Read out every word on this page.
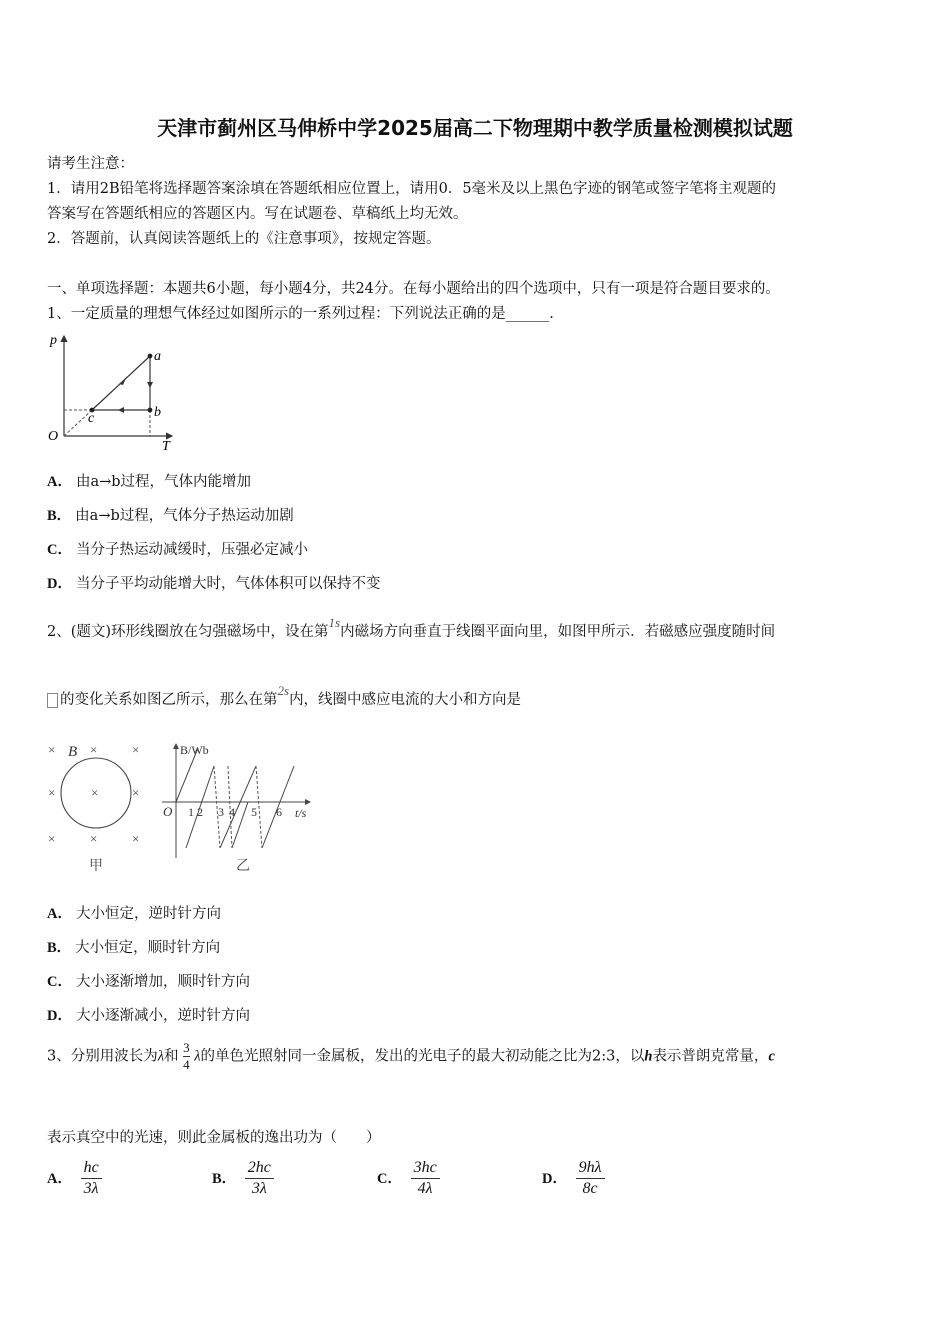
天津市蓟州区马伸桥中学2025届高二下物理期中教学质量检测模拟试题
请考生注意：
1．请用2B铅笔将选择题答案涂填在答题纸相应位置上，请用0．5毫米及以上黑色字迹的钢笔或签字笔将主观题的
答案写在答题纸相应的答题区内。写在试题卷、草稿纸上均无效。
2．答题前，认真阅读答题纸上的《注意事项》，按规定答题。
一、单项选择题：本题共6小题，每小题4分，共24分。在每小题给出的四个选项中，只有一项是符合题目要求的。
1、一定质量的理想气体经过如图所示的一系列过程：下列说法正确的是______.
p
T
O
a
b
c
A． 由a→b过程，气体内能增加
B． 由a→b过程，气体分子热运动加剧
C． 当分子热运动减缓时，压强必定减小
D． 当分子平均动能增大时，气体体积可以保持不变
2、(题文)环形线圈放在匀强磁场中，设在第1s内磁场方向垂直于线圈平面向里，如图甲所示．若磁感应强度随时间
的变化关系如图乙所示，那么在第2s内，线圈中感应电流的大小和方向是
× B ×	×
×	×	×
×	×	×
甲
B/Wb
t/s
O 1 2 3 4 5 6
乙
A． 大小恒定，逆时针方向
B． 大小恒定，顺时针方向
C． 大小逐渐增加，顺时针方向
D． 大小逐渐减小，逆时针方向
3、分别用波长为λ和 $\frac{3}{4}$ λ的单色光照射同一金属板，发出的光电子的最大初动能之比为2:3，以h表示普朗克常量，c
表示真空中的光速，则此金属板的逸出功为（　　）
A． $\frac{hc}{3\lambda}$	B． $\frac{2hc}{3\lambda}$	C． $\frac{3hc}{4\lambda}$	D． $\frac{9h\lambda}{8c}$
